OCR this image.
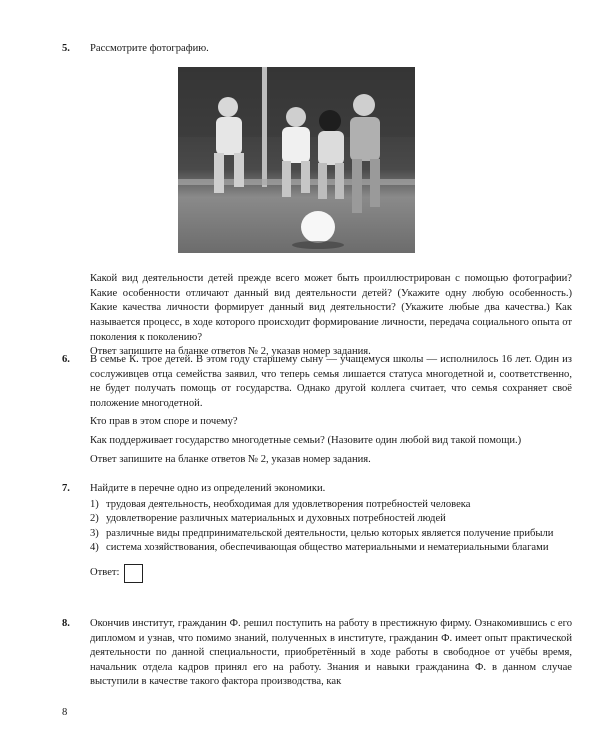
5. Рассмотрите фотографию.

Какой вид деятельности детей прежде всего может быть проиллюстрирован с помощью фотографии? Какие особенности отличают данный вид деятельности детей? (Укажите одну любую особенность.) Какие качества личности формирует данный вид деятельности? (Укажите любые два качества.) Как называется процесс, в ходе которого происходит формирование личности, передача социального опыта от поколения к поколению?

Ответ запишите на бланке ответов № 2, указав номер задания.

6. В семье К. трое детей. В этом году старшему сыну — учащемуся школы — исполнилось 16 лет. Один из сослуживцев отца семейства заявил, что теперь семья лишается статуса многодетной и, соответственно, не будет получать помощь от государства. Однако другой коллега считает, что семья сохраняет своё положение многодетной.

Кто прав в этом споре и почему?

Как поддерживает государство многодетные семьи? (Назовите один любой вид такой помощи.)

Ответ запишите на бланке ответов № 2, указав номер задания.

7. Найдите в перечне одно из определений экономики.

1) трудовая деятельность, необходимая для удовлетворения потребностей человека
2) удовлетворение различных материальных и духовных потребностей людей
3) различные виды предпринимательской деятельности, целью которых является получение прибыли
4) система хозяйствования, обеспечивающая общество материальными и нематериальными благами
Ответ:
8. Окончив институт, гражданин Ф. решил поступить на работу в престижную фирму. Ознакомившись с его дипломом и узнав, что помимо знаний, полученных в институте, гражданин Ф. имеет опыт практической деятельности по данной специальности, приобретённый в ходе работы в свободное от учёбы время, начальник отдела кадров принял его на работу. Знания и навыки гражданина Ф. в данном случае выступили в качестве такого фактора производства, как

8
